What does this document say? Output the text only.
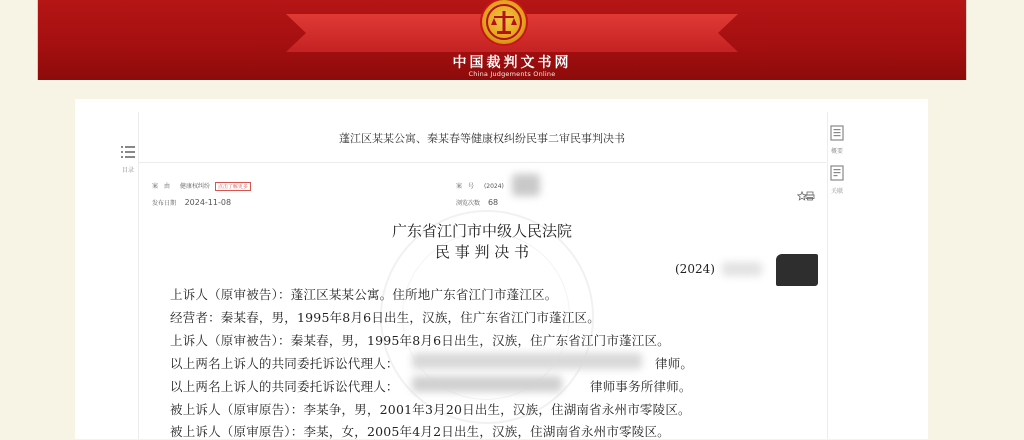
中国裁判文书网
China Judgements Online
目录
概要
关联
蓬江区某某公寓、秦某春等健康权纠纷民事二审民事判决书
案　由 健康权纠纷 点击了解更多
发布日期 2024-11-08
案　号 (2024)
浏览次数 68
广东省江门市中级人民法院
民 事 判 决 书
(2024)
上诉人（原审被告）：蓬江区某某公寓。住所地广东省江门市蓬江区。
经营者：秦某春，男，1995年8月6日出生，汉族，住广东省江门市蓬江区。
上诉人（原审被告）：秦某春，男，1995年8月6日出生，汉族，住广东省江门市蓬江区。
以上两名上诉人的共同委托诉讼代理人：	律师。
以上两名上诉人的共同委托诉讼代理人：	律师事务所律师。
被上诉人（原审原告）：李某争，男，2001年3月20日出生，汉族，住湖南省永州市零陵区。
被上诉人（原审原告）：李某，女，2005年4月2日出生，汉族，住湖南省永州市零陵区。
